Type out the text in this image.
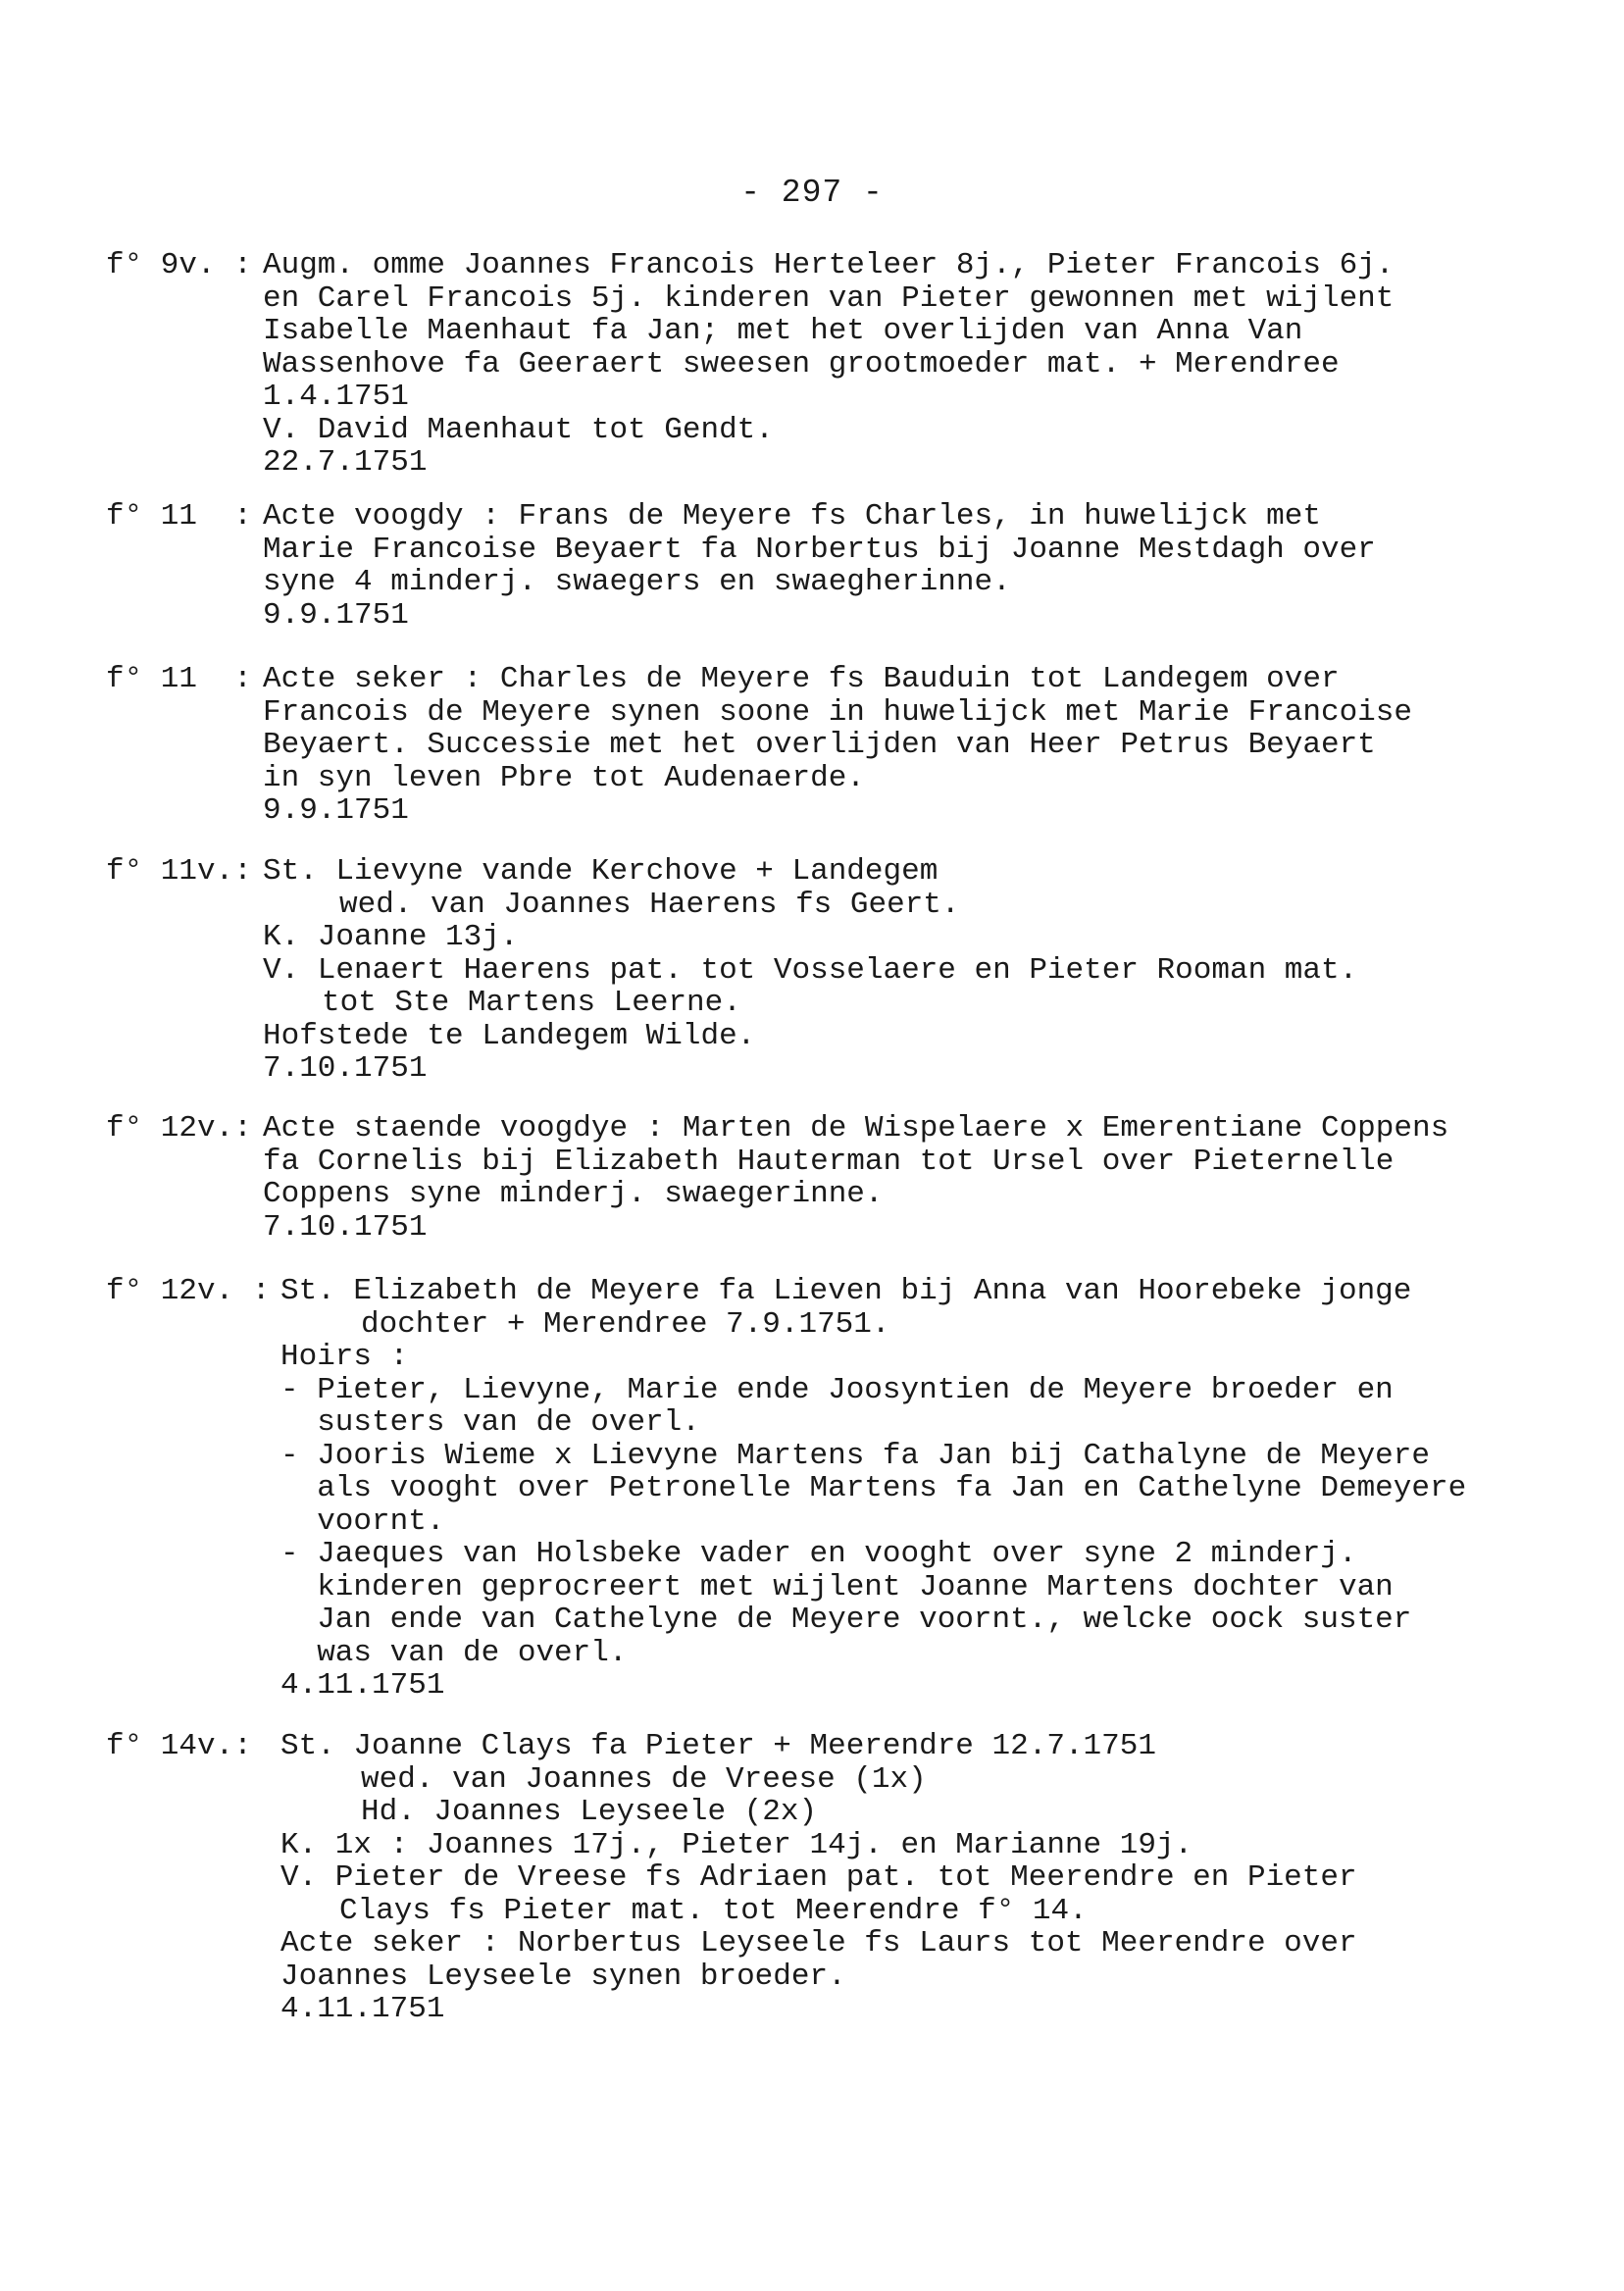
- 297 -
f° 9v. : Augm. omme Joannes Francois Herteleer 8j., Pieter Francois 6j.
en Carel Francois 5j. kinderen van Pieter gewonnen met wijlent
Isabelle Maenhaut fa Jan; met het overlijden van Anna Van
Wassenhove fa Geeraert sweesen grootmoeder mat. + Merendree
1.4.1751
V. David Maenhaut tot Gendt.
22.7.1751
f° 11  : Acte voogdy : Frans de Meyere fs Charles, in huwelijck met
Marie Francoise Beyaert fa Norbertus bij Joanne Mestdagh over
syne 4 minderj. swaegers en swaegherinne.
9.9.1751
f° 11  : Acte seker : Charles de Meyere fs Bauduin tot Landegem over
Francois de Meyere synen soone in huwelijck met Marie Francoise
Beyaert. Successie met het overlijden van Heer Petrus Beyaert
in syn leven Pbre tot Audenaerde.
9.9.1751
f° 11v.: St. Lievyne vande Kerchove + Landegem
wed. van Joannes Haerens fs Geert.
K. Joanne 13j.
V. Lenaert Haerens pat. tot Vosselaere en Pieter Rooman mat.
tot Ste Martens Leerne.
Hofstede te Landegem Wilde.
7.10.1751
f° 12v.: Acte staende voogdye : Marten de Wispelaere x Emerentiane Coppens
fa Cornelis bij Elizabeth Hauterman tot Ursel over Pieternelle
Coppens syne minderj. swaegerinne.
7.10.1751
f° 12v. : St. Elizabeth de Meyere fa Lieven bij Anna van Hoorebeke jonge
dochter + Merendree 7.9.1751.
Hoirs :
- Pieter, Lievyne, Marie ende Joosyntien de Meyere broeder en
susters van de overl.
- Jooris Wieme x Lievyne Martens fa Jan bij Cathalyne de Meyere
als vooght over Petronelle Martens fa Jan en Cathelyne Demeyere
voornt.
- Jaeques van Holsbeke vader en vooght over syne 2 minderj.
kinderen geprocreert met wijlent Joanne Martens dochter van
Jan ende van Cathelyne de Meyere voornt., welcke oock suster
was van de overl.
4.11.1751
f° 14v.: St. Joanne Clays fa Pieter + Meerendre 12.7.1751
wed. van Joannes de Vreese (1x)
Hd. Joannes Leyseele (2x)
K. 1x : Joannes 17j., Pieter 14j. en Marianne 19j.
V. Pieter de Vreese fs Adriaen pat. tot Meerendre en Pieter
Clays fs Pieter mat. tot Meerendre f° 14.
Acte seker : Norbertus Leyseele fs Laurs tot Meerendre over
Joannes Leyseele synen broeder.
4.11.1751
